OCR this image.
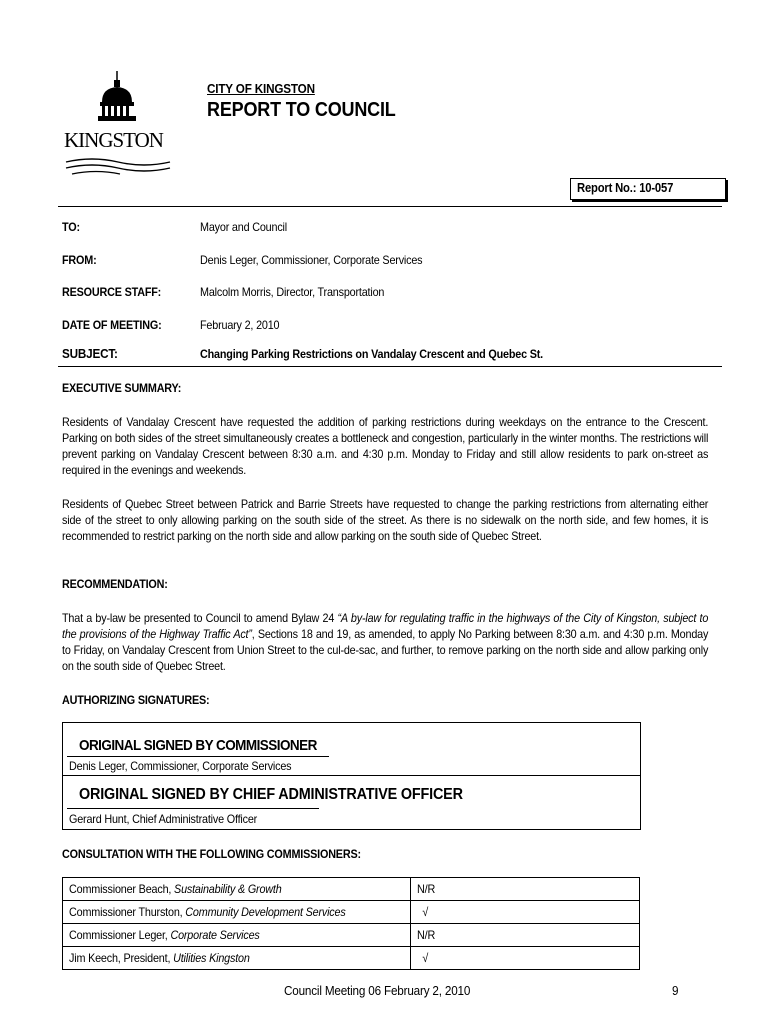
KINGSTON
CITY OF KINGSTON
REPORT TO COUNCIL
Report No.: 10-057
TO:	Mayor and Council
FROM:	Denis Leger, Commissioner, Corporate Services
RESOURCE STAFF:	Malcolm Morris, Director, Transportation
DATE OF MEETING:	February 2, 2010
SUBJECT:	Changing Parking Restrictions on Vandalay Crescent and Quebec St.
EXECUTIVE SUMMARY:
Residents of Vandalay Crescent have requested the addition of parking restrictions during weekdays on the entrance to the Crescent. Parking on both sides of the street simultaneously creates a bottleneck and congestion, particularly in the winter months. The restrictions will prevent parking on Vandalay Crescent between 8:30 a.m. and 4:30 p.m. Monday to Friday and still allow residents to park on-street as required in the evenings and weekends.
Residents of Quebec Street between Patrick and Barrie Streets have requested to change the parking restrictions from alternating either side of the street to only allowing parking on the south side of the street. As there is no sidewalk on the north side, and few homes, it is recommended to restrict parking on the north side and allow parking on the south side of Quebec Street.
RECOMMENDATION:
That a by-law be presented to Council to amend Bylaw 24 “A by-law for regulating traffic in the highways of the City of Kingston, subject to the provisions of the Highway Traffic Act”, Sections 18 and 19, as amended, to apply No Parking between 8:30 a.m. and 4:30 p.m. Monday to Friday, on Vandalay Crescent from Union Street to the cul-de-sac, and further, to remove parking on the north side and allow parking only on the south side of Quebec Street.
AUTHORIZING SIGNATURES:
ORIGINAL SIGNED BY COMMISSIONER
Denis Leger, Commissioner, Corporate Services
ORIGINAL SIGNED BY CHIEF ADMINISTRATIVE OFFICER
Gerard Hunt, Chief Administrative Officer
CONSULTATION WITH THE FOLLOWING COMMISSIONERS:
Commissioner Beach, Sustainability & Growth	N/R
Commissioner Thurston, Community Development Services	√
Commissioner Leger, Corporate Services	N/R
Jim Keech, President, Utilities Kingston	√
Council Meeting 06 February 2, 2010	9
